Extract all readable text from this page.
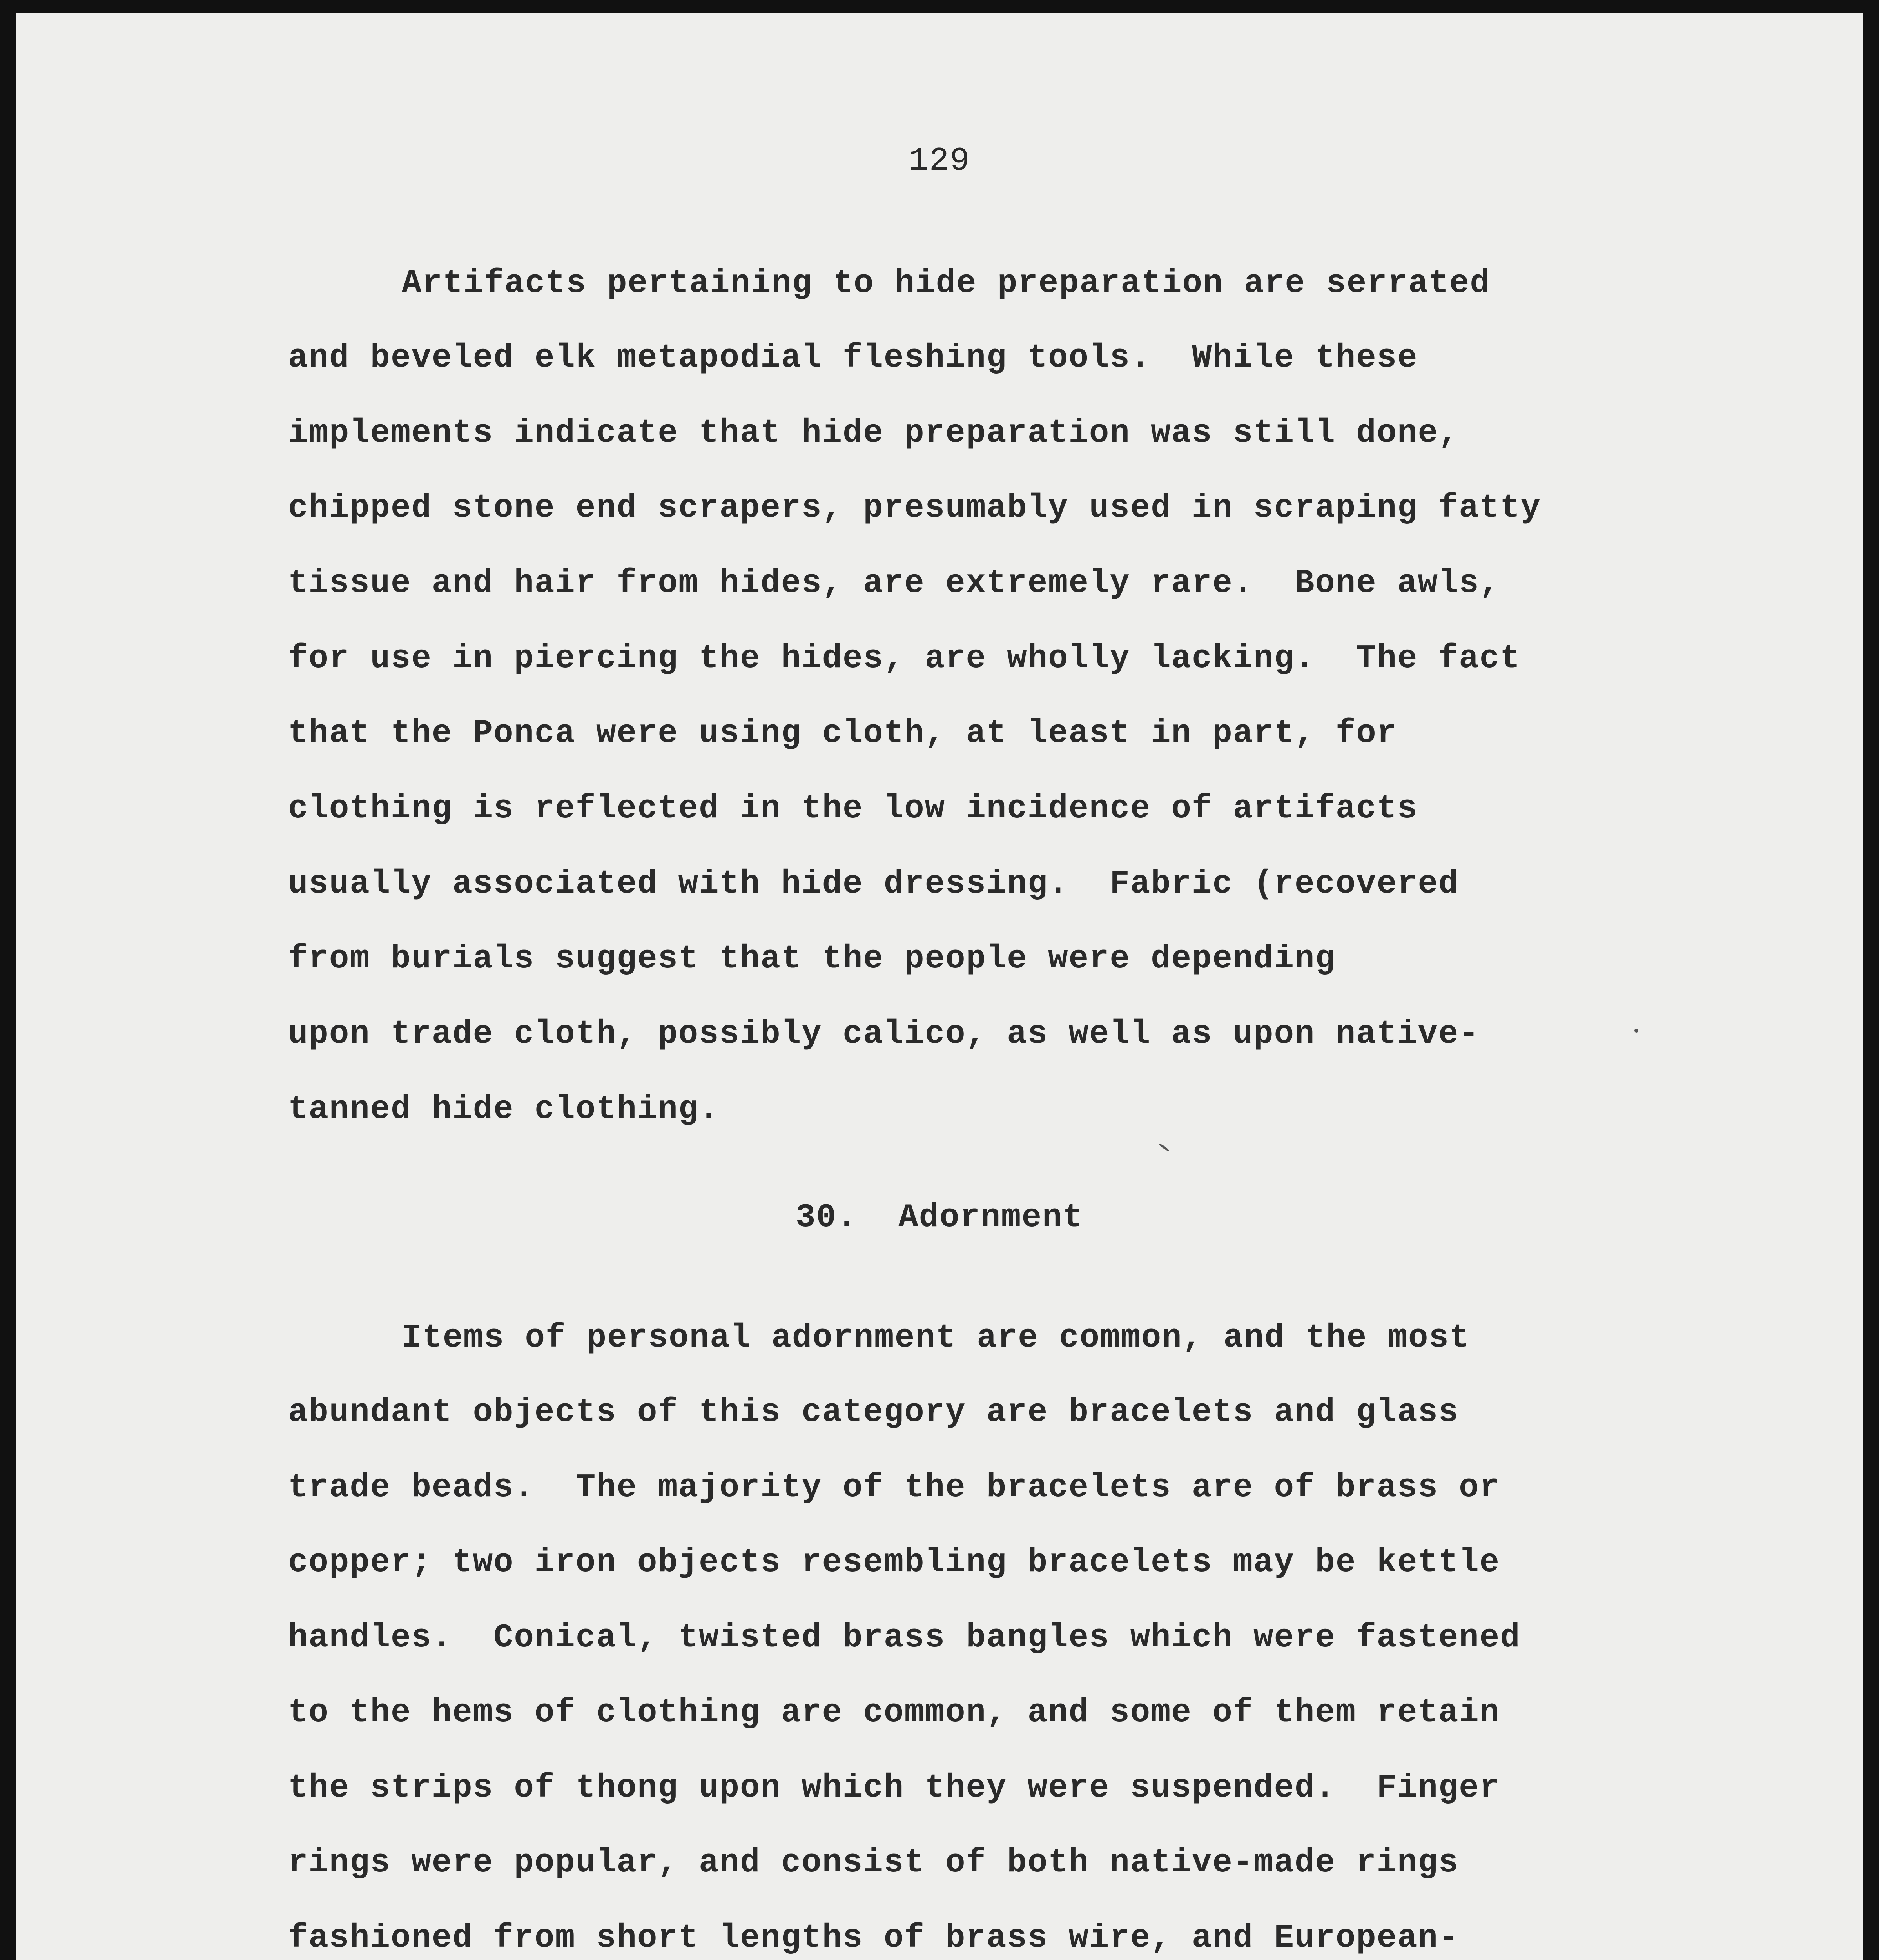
129
Artifacts pertaining to hide preparation are serrated
and beveled elk metapodial fleshing tools.  While these
implements indicate that hide preparation was still done,
chipped stone end scrapers, presumably used in scraping fatty
tissue and hair from hides, are extremely rare.  Bone awls,
for use in piercing the hides, are wholly lacking.  The fact
that the Ponca were using cloth, at least in part, for
clothing is reflected in the low incidence of artifacts
usually associated with hide dressing.  Fabric (recovered
from burials suggest that the people were depending
upon trade cloth, possibly calico, as well as upon native-
tanned hide clothing.
30. Adornment
Items of personal adornment are common, and the most
abundant objects of this category are bracelets and glass
trade beads.  The majority of the bracelets are of brass or
copper; two iron objects resembling bracelets may be kettle
handles.  Conical, twisted brass bangles which were fastened
to the hems of clothing are common, and some of them retain
the strips of thong upon which they were suspended.  Finger
rings were popular, and consist of both native-made rings
fashioned from short lengths of brass wire, and European-
